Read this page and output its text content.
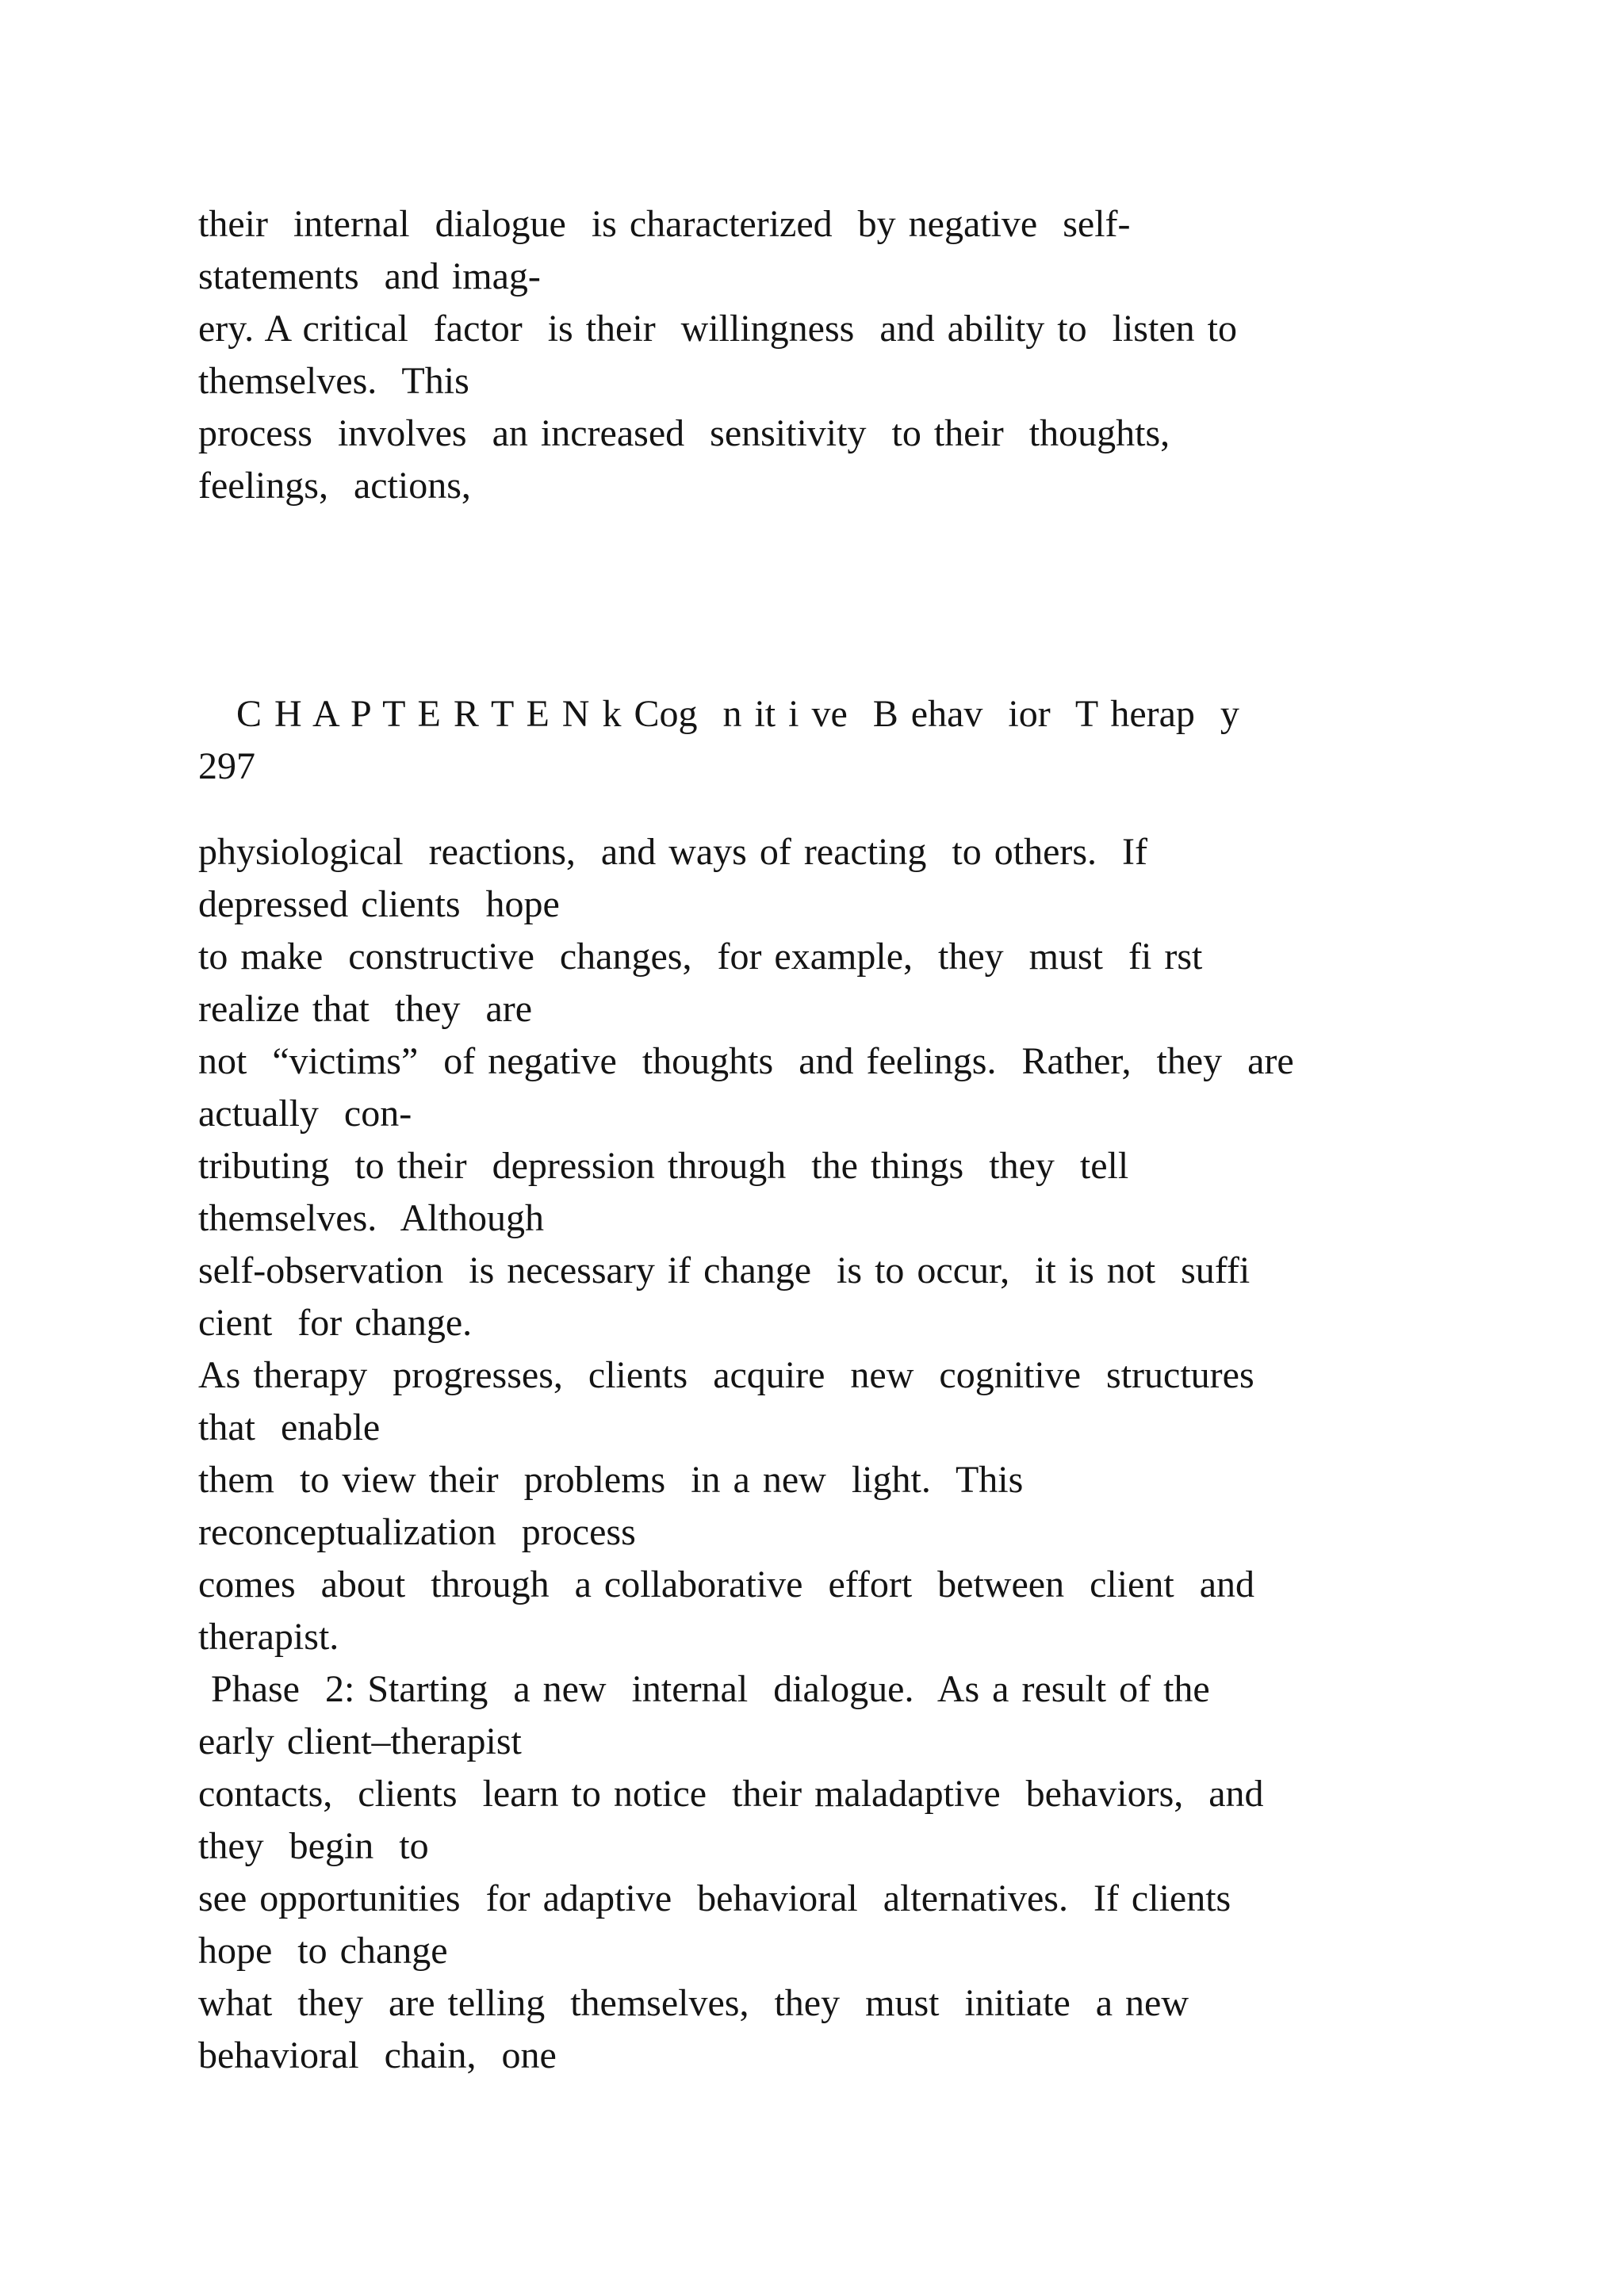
their  internal  dialogue  is characterized  by negative  self-
statements  and imag-
ery. A critical  factor  is their  willingness  and ability to  listen to
themselves.  This
process  involves  an increased  sensitivity  to their  thoughts,
feelings,  actions,
C H A P T E R T E N k Cog  n it i ve  B ehav  ior  T herap  y
297
physiological  reactions,  and ways of reacting  to others.  If
depressed clients  hope
to make  constructive  changes,  for example,  they  must  fi rst
realize that  they  are
not  “victims”  of negative  thoughts  and feelings.  Rather,  they  are
actually  con-
tributing  to their  depression through  the things  they  tell
themselves.  Although
self-observation  is necessary if change  is to occur,  it is not  suffi
cient  for change.
As therapy  progresses,  clients  acquire  new  cognitive  structures
that  enable
them  to view their  problems  in a new  light.  This
reconceptualization  process
comes  about  through  a collaborative  effort  between  client  and
therapist.
Phase  2: Starting  a new  internal  dialogue.  As a result of the
early client–therapist
contacts,  clients  learn to notice  their maladaptive  behaviors,  and
they  begin  to
see opportunities  for adaptive  behavioral  alternatives.  If clients
hope  to change
what  they  are telling  themselves,  they  must  initiate  a new
behavioral  chain,  one
